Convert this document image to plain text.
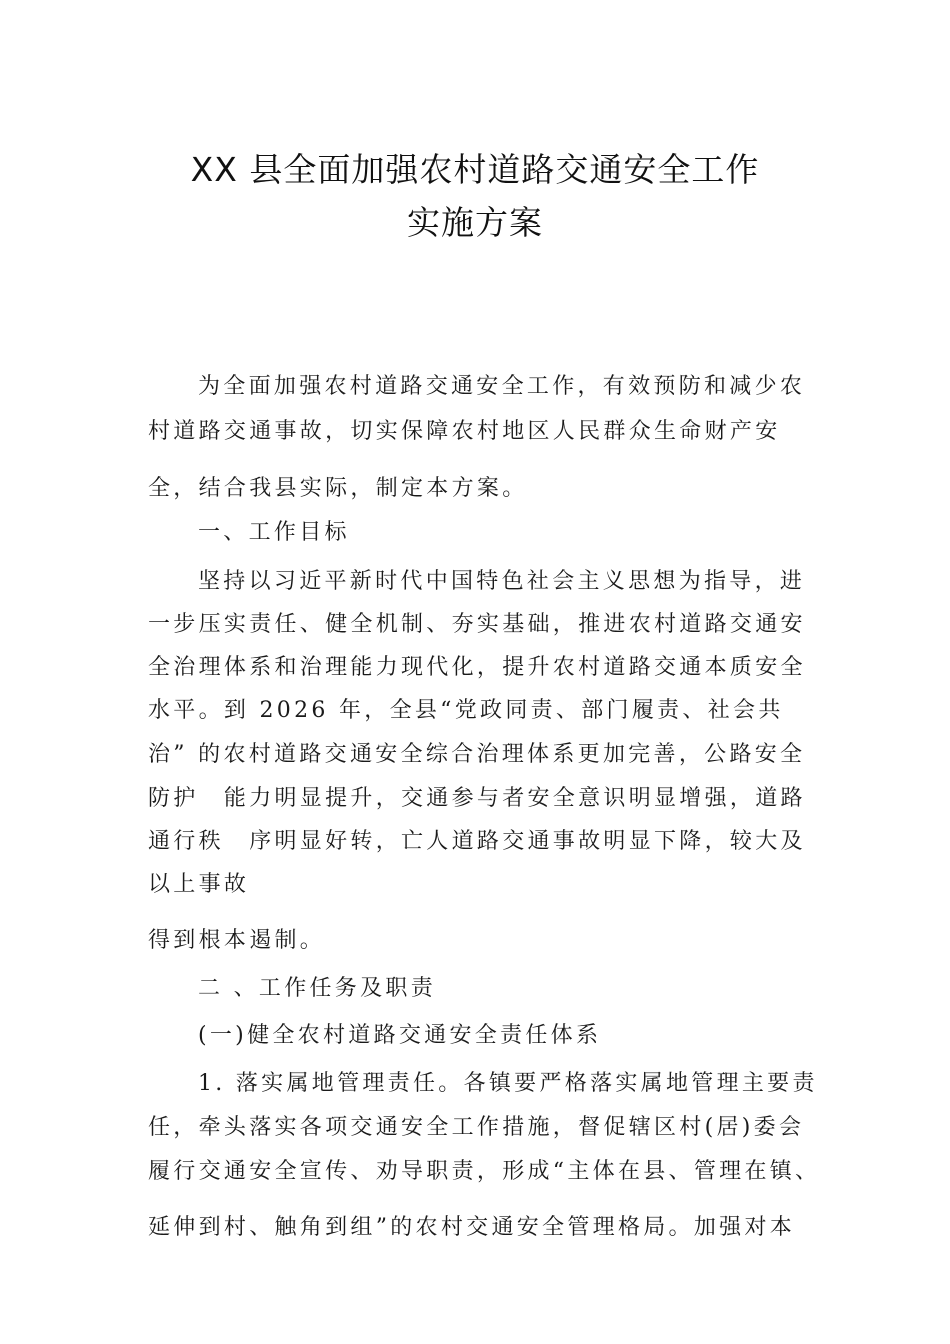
XX 县全面加强农村道路交通安全工作
实施方案

为全面加强农村道路交通安全工作，有效预防和减少农

村道路交通事故，切实保障农村地区人民群众生命财产安

全，结合我县实际，制定本方案。

一、工作目标

坚持以习近平新时代中国特色社会主义思想为指导，进

一步压实责任、健全机制、夯实基础，推进农村道路交通安

全治理体系和治理能力现代化，提升农村道路交通本质安全

水平。到 2026 年，全县“党政同责、部门履责、社会共

治” 的农村道路交通安全综合治理体系更加完善，公路安全

防护　能力明显提升，交通参与者安全意识明显增强，道路

通行秩　序明显好转，亡人道路交通事故明显下降，较大及

以上事故

得到根本遏制。

二 、工作任务及职责

(一)健全农村道路交通安全责任体系

1. 落实属地管理责任。各镇要严格落实属地管理主要责

任，牵头落实各项交通安全工作措施，督促辖区村(居)委会

履行交通安全宣传、劝导职责，形成“主体在县、管理在镇、

延伸到村、触角到组”的农村交通安全管理格局。加强对本
